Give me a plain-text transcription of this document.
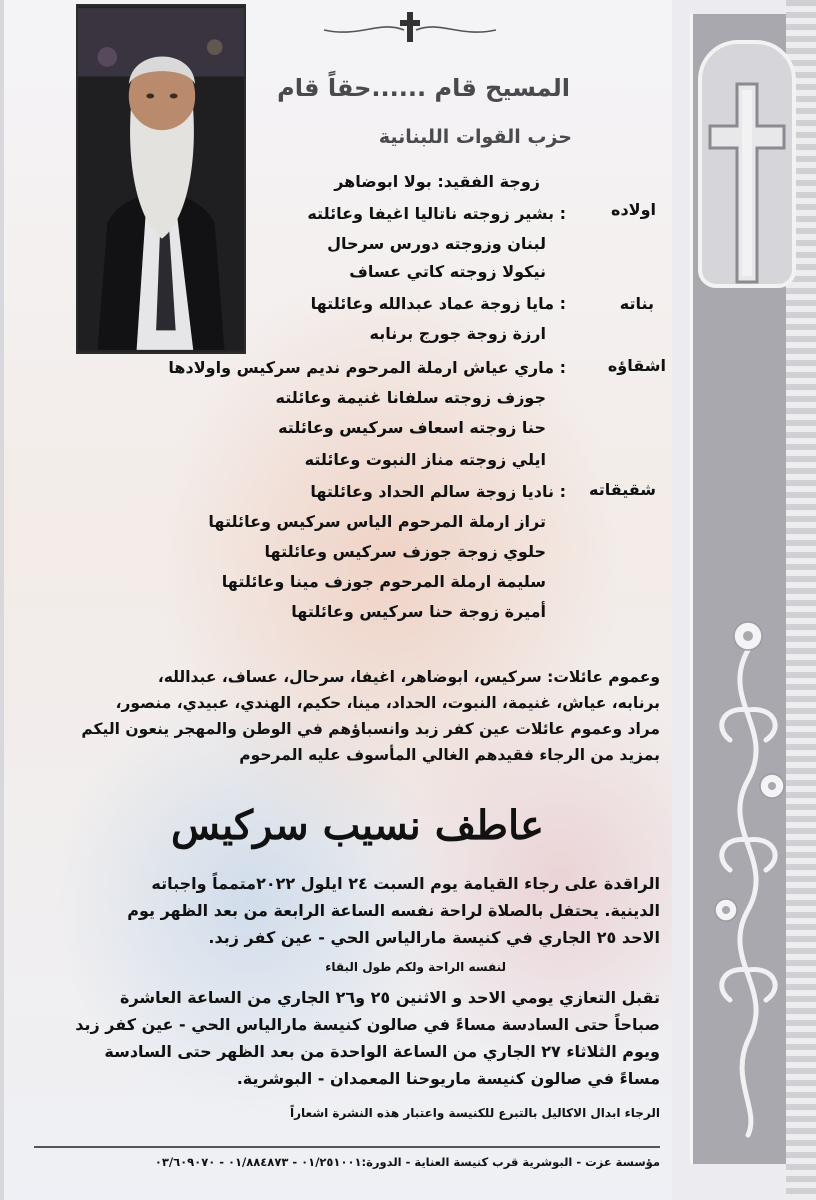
المسيح قام ......حقاً قام
حزب القوات اللبنانية
زوجة الفقيد: بولا ابوضاهر
اولاده
: بشير زوجته ناتاليا اغيفا وعائلته
لبنان وزوجته دورس سرحال
نيكولا زوجته كاتي عساف
بناته
: مايا زوجة عماد عبدالله وعائلتها
ارزة زوجة جورج برنابه
اشقاؤه
: ماري عياش ارملة المرحوم نديم سركيس واولادها
جوزف زوجته سلفانا غنيمة وعائلته
حنا زوجته اسعاف سركيس وعائلته
ايلي زوجته مناز النبوت وعائلته
شقيقاته
: ناديا زوجة سالم الحداد وعائلتها
تراز ارملة المرحوم الياس سركيس وعائلتها
حلوي زوجة جوزف سركيس وعائلتها
سليمة ارملة المرحوم جوزف مينا وعائلتها
أميرة زوجة حنا سركيس وعائلتها
وعموم عائلات: سركيس، ابوضاهر، اغيفا، سرحال، عساف، عبدالله،
برنابه، عياش، غنيمة، النبوت، الحداد، مينا، حكيم، الهندي، عبيدي، منصور،
مراد وعموم عائلات عين كفر زبد وانسباؤهم في الوطن والمهجر ينعون اليكم
بمزيد من الرجاء فقيدهم الغالي المأسوف عليه المرحوم
عاطف نسيب سركيس
الراقدة على رجاء القيامة يوم السبت ٢٤ ايلول ٢٠٢٢متمماً واجباته
الدينية. يحتفل بالصلاة لراحة نفسه الساعة الرابعة من بعد الظهر يوم
الاحد ٢٥ الجاري في كنيسة مارالياس الحي - عين كفر زبد.
لنفسه الراحة ولكم طول البقاء
تقبل التعازي يومي الاحد و الاثنين ٢٥ و٢٦ الجاري من الساعة العاشرة
صباحاً حتى السادسة مساءً في صالون كنيسة مارالياس الحي - عين كفر زبد
ويوم الثلاثاء ٢٧ الجاري من الساعة الواحدة من بعد الظهر حتى السادسة
مساءً في صالون كنيسة ماريوحنا المعمدان - البوشرية.
الرجاء ابدال الاكاليل بالتبرع للكنيسة واعتبار هذه النشرة اشعاراً
مؤسسة عزت - البوشرية قرب كنيسة العناية - الدورة:٠١/٢٥١٠٠١ - ٠١/٨٨٤٨٧٣ - ٠٣/٦٠٩٠٧٠
